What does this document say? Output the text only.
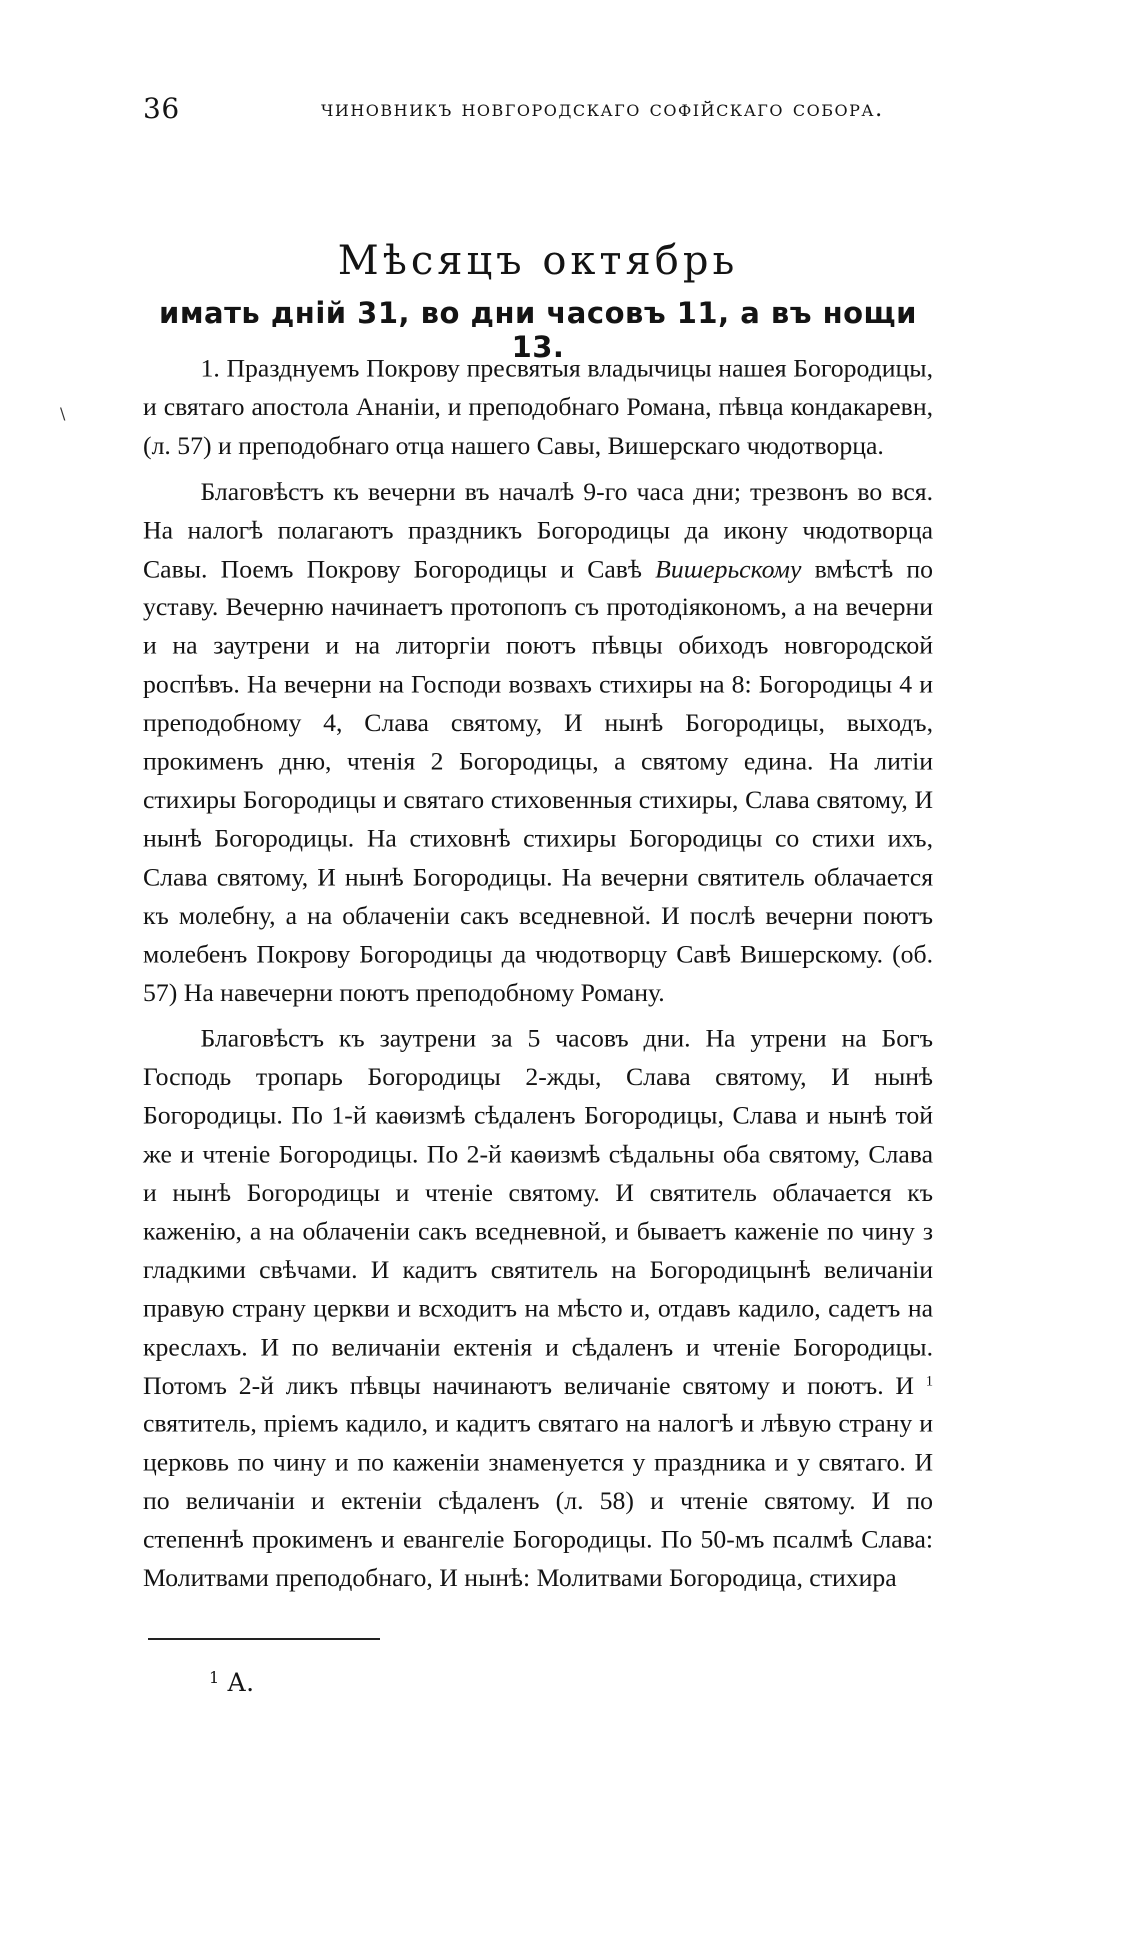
36	чиновникъ новгородскаго софійскаго собора.
\
Мѣсяцъ октябрь
имать дній 31, во дни часовъ 11, а въ нощи 13.

1. Празднуемъ Покрову пресвятыя владычицы нашея Богородицы, и святаго апостола Ананіи, и преподобнаго Романа, пѣвца кондакаревн, (л. 57) и преподобнаго отца нашего Савы, Вишерскаго чюдотворца.

Благовѣстъ къ вечерни въ началѣ 9-го часа дни; трезвонъ во вся. На налогѣ полагаютъ праздникъ Богородицы да икону чюдотворца Савы. Поемъ Покрову Богородицы и Савѣ Вишерьскому вмѣстѣ по уставу. Вечерню начинаетъ протопопъ съ протодіякономъ, а на вечерни и на заутрени и на литоргіи поютъ пѣвцы обиходъ новгородской роспѣвъ. На вечерни на Господи возвахъ стихиры на 8: Богородицы 4 и преподобному 4, Слава святому, И нынѣ Богородицы, выходъ, прокименъ дню, чтенія 2 Богородицы, а святому едина. На литіи стихиры Богородицы и святаго стиховенныя стихиры, Слава святому, И нынѣ Богородицы. На стиховнѣ стихиры Богородицы со стихи ихъ, Слава святому, И нынѣ Богородицы. На вечерни святитель облачается къ молебну, а на облаченіи сакъ вседневной. И послѣ вечерни поютъ молебенъ Покрову Богородицы да чюдотворцу Савѣ Вишерскому. (об. 57) На навечерни поютъ преподобному Роману.

Благовѣстъ къ заутрени за 5 часовъ дни. На утрени на Богъ Господь тропарь Богородицы 2-жды, Слава святому, И нынѣ Богородицы. По 1-й каѳизмѣ сѣдаленъ Богородицы, Слава и нынѣ той же и чтеніе Богородицы. По 2-й каѳизмѣ сѣдальны оба святому, Слава и нынѣ Богородицы и чтеніе святому. И святитель облачается къ каженію, а на облаченіи сакъ вседневной, и бываетъ каженіе по чину з гладкими свѣчами. И кадитъ святитель на Богородицынѣ величаніи правую страну церкви и всходитъ на мѣсто и, отдавъ кадило, садетъ на креслахъ. И по величаніи ектенія и сѣдаленъ и чтеніе Богородицы. Потомъ 2-й ликъ пѣвцы начинаютъ величаніе святому и поютъ. И $^1$ святитель, пріемъ кадило, и кадитъ святаго на налогѣ и лѣвую страну и церковь по чину и по каженіи знаменуется у праздника и у святаго. И по величаніи и ектеніи сѣдаленъ (л. 58) и чтеніе святому. И по степеннѣ прокименъ и евангеліе Богородицы. По 50-мъ псалмѣ Слава: Молитвами преподобнаго, И нынѣ: Молитвами Богородица, стихира

$^1$ А.
